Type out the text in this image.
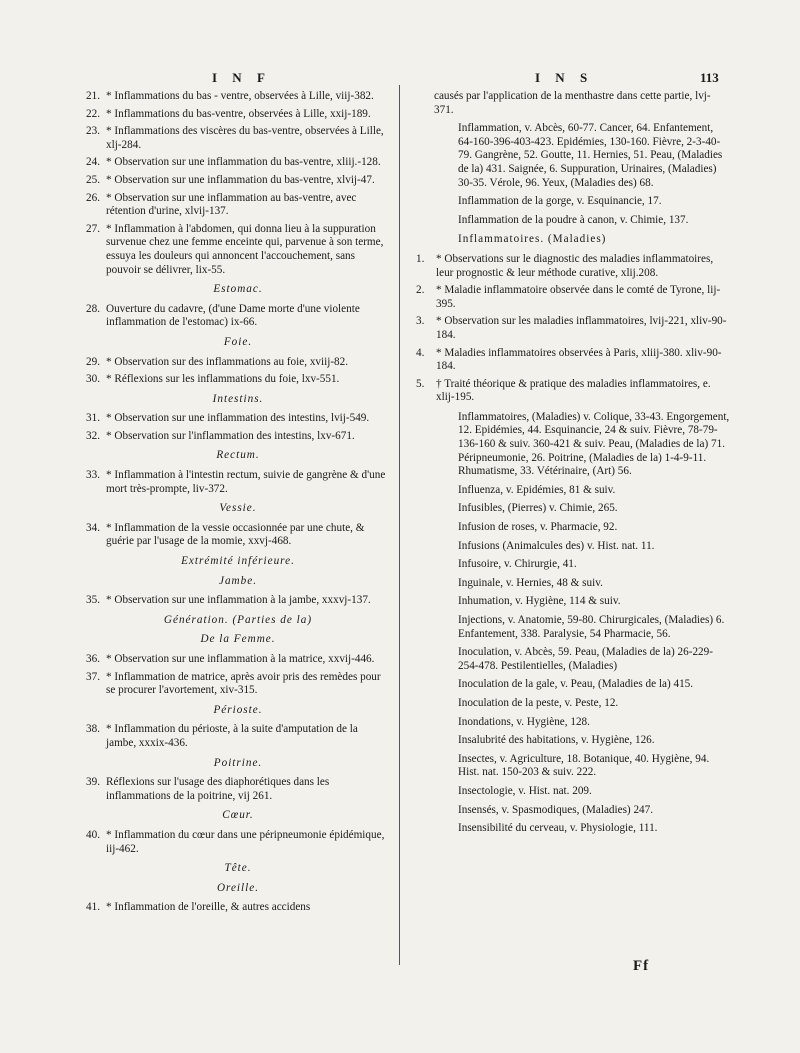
I N F	I N S	113
21. * Inflammations du bas - ventre, observées à Lille, viij-382.
22. * Inflammations du bas-ventre, observées à Lille, xxij-189.
23. * Inflammations des viscères du bas-ventre, observées à Lille, xlj-284.
24. * Observation sur une inflammation du bas-ventre, xliij.-128.
25. * Observation sur une inflammation du bas-ventre, xlvij-47.
26. * Observation sur une inflammation au bas-ventre, avec rétention d'urine, xlvij-137.
27. * Inflammation à l'abdomen, qui donna lieu à la suppuration survenue chez une femme enceinte qui, parvenue à son terme, essuya les douleurs qui annoncent l'accouchement, sans pouvoir se délivrer, lix-55.
Estomac.
28. Ouverture du cadavre, (d'une Dame morte d'une violente inflammation de l'estomac) ix-66.
Foie.
29. * Observation sur des inflammations au foie, xviij-82.
30. * Réflexions sur les inflammations du foie, lxv-551.
Intestins.
31. * Observation sur une inflammation des intestins, lvij-549.
32. * Observation sur l'inflammation des intestins, lxv-671.
Rectum.
33. * Inflammation à l'intestin rectum, suivie de gangrène & d'une mort très-prompte, liv-372.
Vessie.
34. * Inflammation de la vessie occasionnée par une chute, & guérie par l'usage de la momie, xxvj-468.
Extrémité inférieure.
Jambe.
35. * Observation sur une inflammation à la jambe, xxxvj-137.
Génération. (Parties de la)
De la Femme.
36. * Observation sur une inflammation à la matrice, xxvij-446.
37. * Inflammation de matrice, après avoir pris des remèdes pour se procurer l'avortement, xiv-315.
Périoste.
38. * Inflammation du périoste, à la suite d'amputation de la jambe, xxxix-436.
Poitrine.
39. Réflexions sur l'usage des diaphorétiques dans les inflammations de la poitrine, vij 261.
Cœur.
40. * Inflammation du cœur dans une péripneumonie épidémique, iij-462.
Tête.
Oreille.
41. * Inflammation de l'oreille, & autres accidens
causés par l'application de la menthastre dans cette partie, lvj-371.
Inflammation, v. Abcès, 60-77. Cancer, 64. Enfantement, 64-160-396-403-423. Epidémies, 130-160. Fièvre, 2-3-40-79. Gangrène, 52. Goutte, 11. Hernies, 51. Peau, (Maladies de la) 431. Saignée, 6. Suppuration, Urinaires, (Maladies) 30-35. Vérole, 96. Yeux, (Maladies des) 68.
Inflammation de la gorge, v. Esquinancie, 17.
Inflammation de la poudre à canon, v. Chimie, 137.
Inflammatoires. (Maladies)
1. * Observations sur le diagnostic des maladies inflammatoires, leur prognostic & leur méthode curative, xlij.208.
2. * Maladie inflammatoire observée dans le comté de Tyrone, lij-395.
3. * Observation sur les maladies inflammatoires, lvij-221, xliv-90-184.
4. * Maladies inflammatoires observées à Paris, xliij-380. xliv-90-184.
5. † Traité théorique & pratique des maladies inflammatoires, e. xlij-195.
Inflammatoires, (Maladies) v. Colique, 33-43. Engorgement, 12. Epidémies, 44. Esquinancie, 24 & suiv. Fièvre, 78-79-136-160 & suiv. 360-421 & suiv. Peau, (Maladies de la) 71. Péripneumonie, 26. Poitrine, (Maladies de la) 1-4-9-11. Rhumatisme, 33. Vétérinaire, (Art) 56.
Influenza, v. Epidémies, 81 & suiv.
Infusibles, (Pierres) v. Chimie, 265.
Infusion de roses, v. Pharmacie, 92.
Infusions (Animalcules des) v. Hist. nat. 11.
Infusoire, v. Chirurgie, 41.
Inguinale, v. Hernies, 48 & suiv.
Inhumation, v. Hygiène, 114 & suiv.
Injections, v. Anatomie, 59-80. Chirurgicales, (Maladies) 6. Enfantement, 338. Paralysie, 54 Pharmacie, 56.
Inoculation, v. Abcès, 59. Peau, (Maladies de la) 26-229-254-478. Pestilentielles, (Maladies)
Inoculation de la gale, v. Peau, (Maladies de la) 415.
Inoculation de la peste, v. Peste, 12.
Inondations, v. Hygiène, 128.
Insalubrité des habitations, v. Hygiène, 126.
Insectes, v. Agriculture, 18. Botanique, 40. Hygiène, 94. Hist. nat. 150-203 & suiv. 222.
Insectologie, v. Hist. nat. 209.
Insensés, v. Spasmodiques, (Maladies) 247.
Insensibilité du cerveau, v. Physiologie, 111.
Ff
